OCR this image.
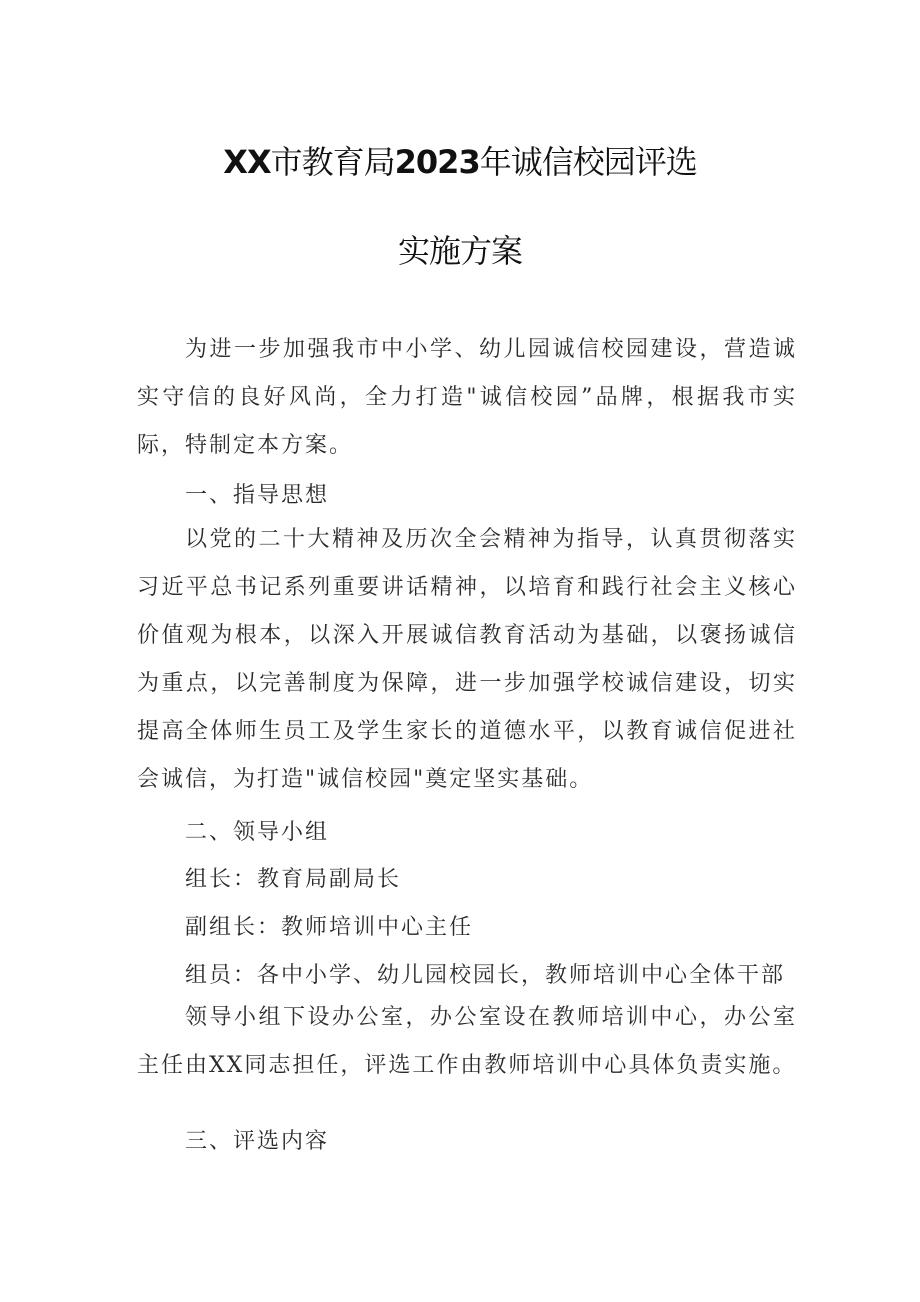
XX市教育局2023年诚信校园评选
实施方案

为进一步加强我市中小学、幼儿园诚信校园建设，营造诚实守信的良好风尚，全力打造"诚信校园”品牌，根据我市实际，特制定本方案。

一、指导思想

以党的二十大精神及历次全会精神为指导，认真贯彻落实习近平总书记系列重要讲话精神，以培育和践行社会主义核心价值观为根本，以深入开展诚信教育活动为基础，以褒扬诚信为重点，以完善制度为保障，进一步加强学校诚信建设，切实提高全体师生员工及学生家长的道德水平，以教育诚信促进社会诚信，为打造"诚信校园"奠定坚实基础。

二、领导小组
组长：教育局副局长
副组长：教师培训中心主任
组员：各中小学、幼儿园校园长，教师培训中心全体干部

领导小组下设办公室，办公室设在教师培训中心，办公室主任由XX同志担任，评选工作由教师培训中心具体负责实施。

三、评选内容
